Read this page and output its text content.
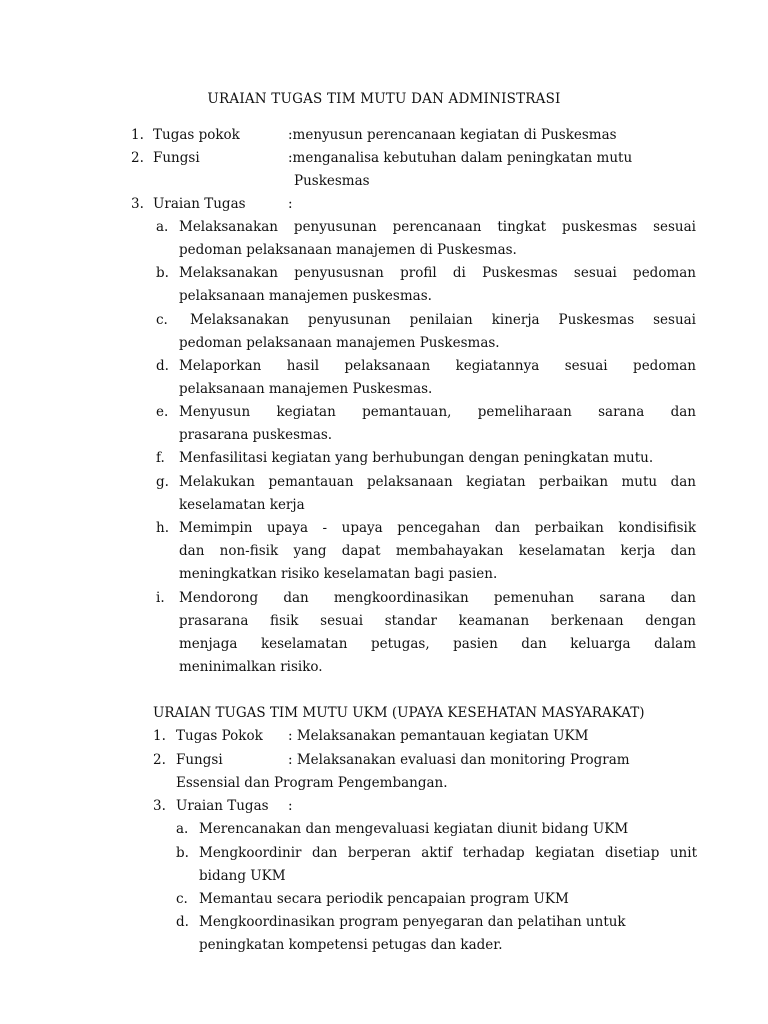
URAIAN TUGAS TIM MUTU DAN ADMINISTRASI
1. Tugas pokok	:menyusun perencanaan kegiatan di Puskesmas
2. Fungsi	:menganalisa kebutuhan dalam peningkatan mutu
Puskesmas
3. Uraian Tugas	:
a. Melaksanakan penyusunan perencanaan tingkat puskesmas sesuai
pedoman pelaksanaan manajemen di Puskesmas.
b. Melaksanakan penyususnan profil di Puskesmas sesuai pedoman
pelaksanaan manajemen puskesmas.
c. Melaksanakan penyusunan penilaian kinerja Puskesmas sesuai
pedoman pelaksanaan manajemen Puskesmas.
d. Melaporkan hasil pelaksanaan kegiatannya sesuai pedoman
pelaksanaan manajemen Puskesmas.
e. Menyusun kegiatan pemantauan, pemeliharaan sarana dan
prasarana puskesmas.
f. Menfasilitasi kegiatan yang berhubungan dengan peningkatan mutu.
g. Melakukan pemantauan pelaksanaan kegiatan perbaikan mutu dan
keselamatan kerja
h. Memimpin upaya - upaya pencegahan dan perbaikan kondisifisik
dan non-fisik yang dapat membahayakan keselamatan kerja dan
meningkatkan risiko keselamatan bagi pasien.
i. Mendorong dan mengkoordinasikan pemenuhan sarana dan
prasarana fisik sesuai standar keamanan berkenaan dengan
menjaga keselamatan petugas, pasien dan keluarga dalam
meninimalkan risiko.
URAIAN TUGAS TIM MUTU UKM (UPAYA KESEHATAN MASYARAKAT)
1. Tugas Pokok : Melaksanakan pemantauan kegiatan UKM
2. Fungsi	: Melaksanakan evaluasi dan monitoring Program
Essensial dan Program Pengembangan.
3. Uraian Tugas :
a. Merencanakan dan mengevaluasi kegiatan diunit bidang UKM
b. Mengkoordinir dan berperan aktif terhadap kegiatan disetiap unit
bidang UKM
c. Memantau secara periodik pencapaian program UKM
d. Mengkoordinasikan program penyegaran dan pelatihan untuk
peningkatan kompetensi petugas dan kader.
